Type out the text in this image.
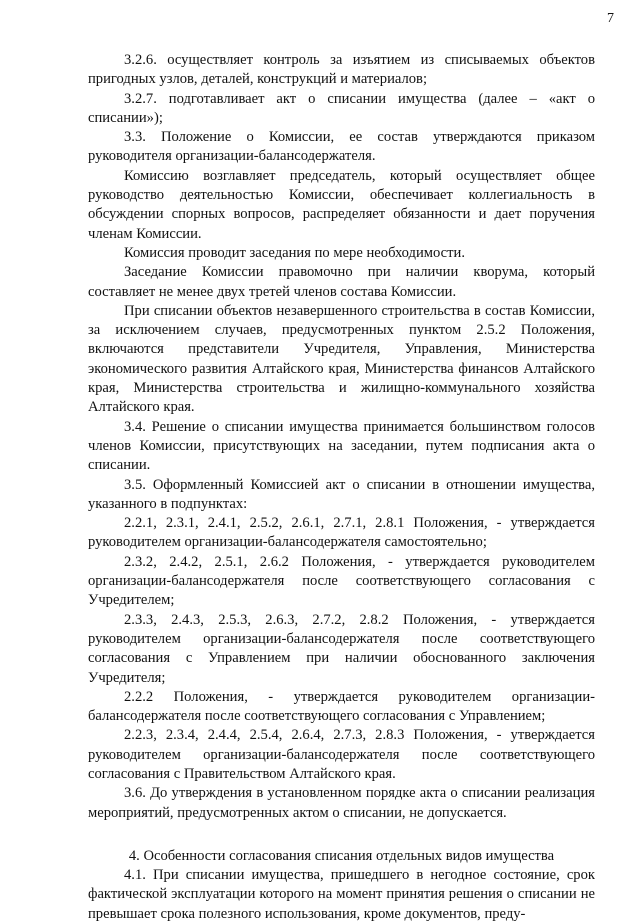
7

3.2.6. осуществляет контроль за изъятием из списываемых объектов пригодных узлов, деталей, конструкций и материалов;

3.2.7. подготавливает акт о списании имущества (далее – «акт о списании»);

3.3. Положение о Комиссии, ее состав утверждаются приказом руководителя организации-балансодержателя.

Комиссию возглавляет председатель, который осуществляет общее руководство деятельностью Комиссии, обеспечивает коллегиальность в обсуждении спорных вопросов, распределяет обязанности и дает поручения членам Комиссии.

Комиссия проводит заседания по мере необходимости.

Заседание Комиссии правомочно при наличии кворума, который составляет не менее двух третей членов состава Комиссии.

При списании объектов незавершенного строительства в состав Комиссии, за исключением случаев, предусмотренных пунктом 2.5.2 Положения, включаются представители Учредителя, Управления, Министерства экономического развития Алтайского края, Министерства финансов Алтайского края, Министерства строительства и жилищно-коммунального хозяйства Алтайского края.

3.4. Решение о списании имущества принимается большинством голосов членов Комиссии, присутствующих на заседании, путем подписания акта о списании.

3.5. Оформленный Комиссией акт о списании в отношении имущества, указанного в подпунктах:

2.2.1, 2.3.1, 2.4.1, 2.5.2, 2.6.1, 2.7.1, 2.8.1 Положения, - утверждается руководителем организации-балансодержателя самостоятельно;

2.3.2, 2.4.2, 2.5.1, 2.6.2 Положения, - утверждается руководителем организации-балансодержателя после соответствующего согласования с Учредителем;

2.3.3, 2.4.3, 2.5.3, 2.6.3, 2.7.2, 2.8.2 Положения, - утверждается руководителем организации-балансодержателя после соответствующего согласования с Управлением при наличии обоснованного заключения Учредителя;

2.2.2 Положения, - утверждается руководителем организации-балансодержателя после соответствующего согласования с Управлением;

2.2.3, 2.3.4, 2.4.4, 2.5.4, 2.6.4, 2.7.3, 2.8.3 Положения, - утверждается руководителем организации-балансодержателя после соответствующего согласования с Правительством Алтайского края.

3.6. До утверждения в установленном порядке акта о списании реализация мероприятий, предусмотренных актом о списании, не допускается.

4. Особенности согласования списания отдельных видов имущества

4.1. При списании имущества, пришедшего в негодное состояние, срок фактической эксплуатации которого на момент принятия решения о списании не превышает срока полезного использования, кроме документов, преду-
